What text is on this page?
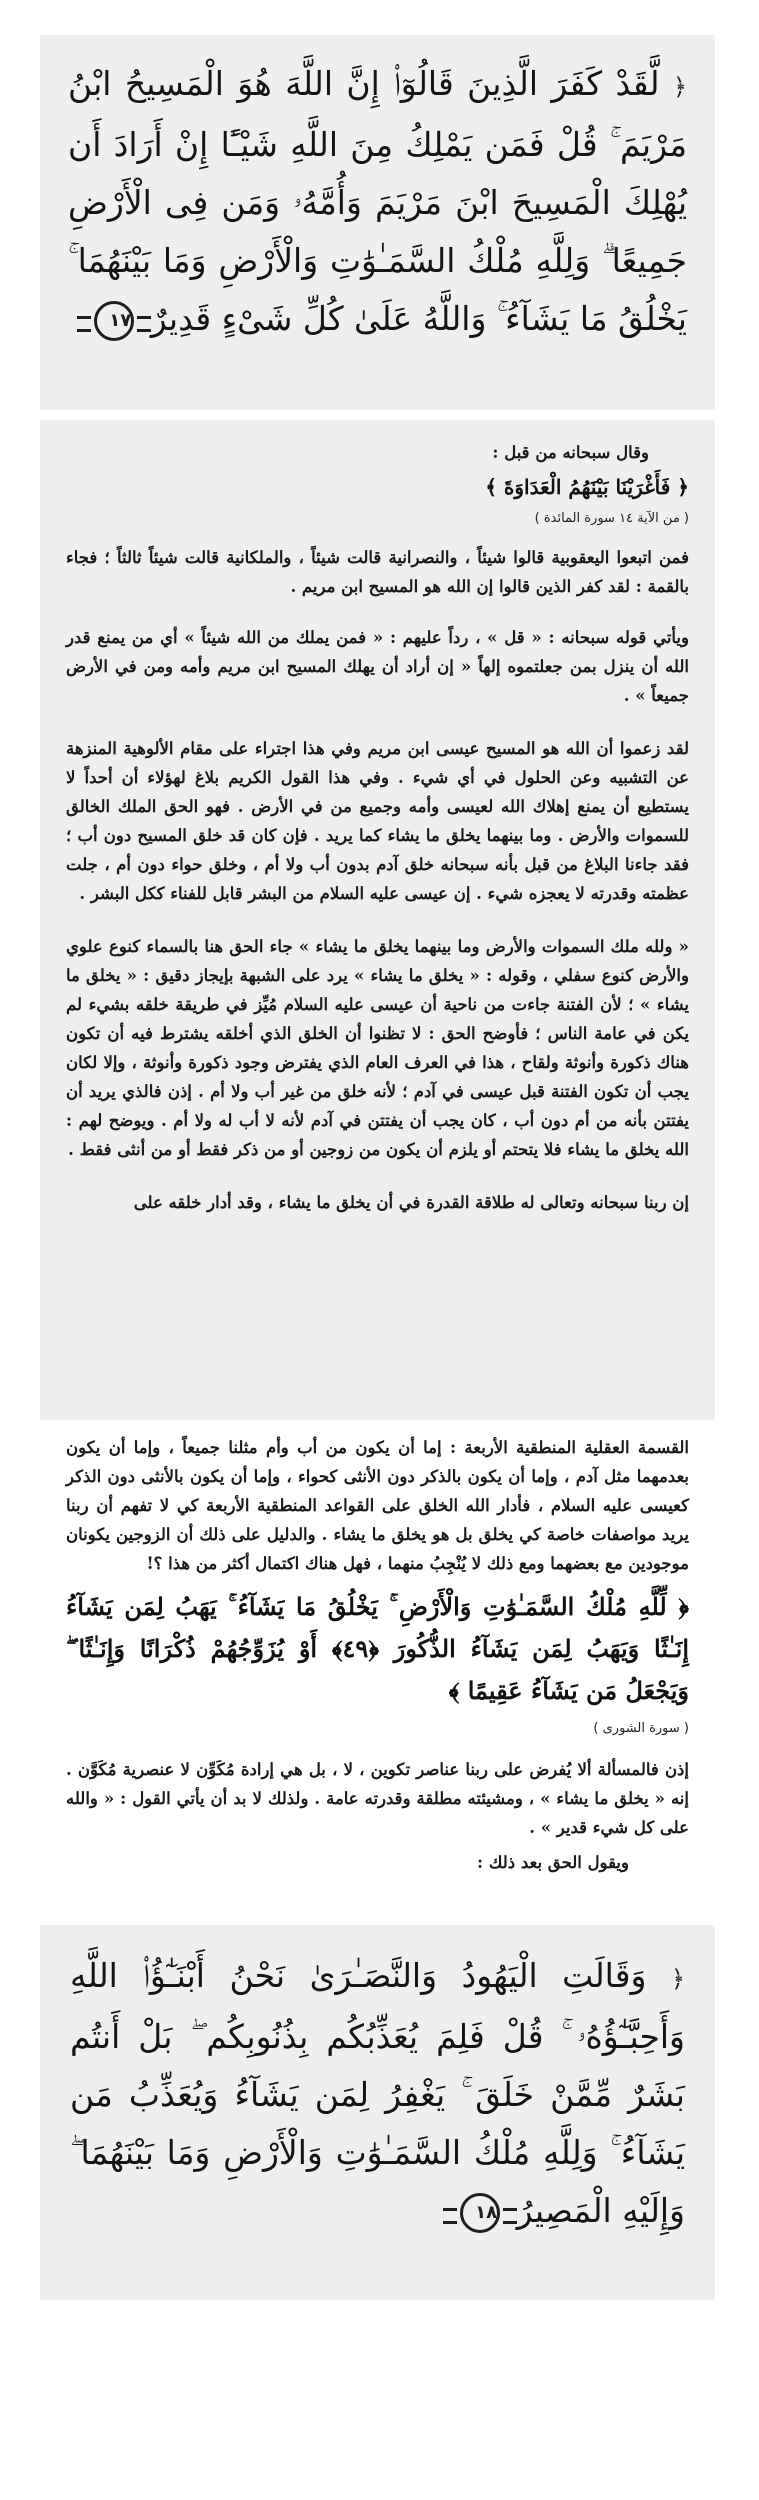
﴿ لَّقَدْ كَفَرَ الَّذِينَ قَالُوٓا۟ إِنَّ اللَّهَ هُوَ الْمَسِيحُ ابْنُ مَرْيَمَ ۚ قُلْ فَمَن يَمْلِكُ مِنَ اللَّهِ شَيْـًٔا إِنْ أَرَادَ أَن يُهْلِكَ الْمَسِيحَ ابْنَ مَرْيَمَ وَأُمَّهُۥ وَمَن فِى الْأَرْضِ جَمِيعًا ۗ وَلِلَّهِ مُلْكُ السَّمَـٰوَٰتِ وَالْأَرْضِ وَمَا بَيْنَهُمَا ۚ يَخْلُقُ مَا يَشَآءُ ۚ وَاللَّهُ عَلَىٰ كُلِّ شَىْءٍ قَدِيرٌ ١٧

وقال سبحانه من قبل :

﴿ فَأَغْرَيْنَا بَيْنَهُمُ الْعَدَاوَةَ ﴾

( من الآية ١٤ سورة المائدة )

فمن اتبعوا اليعقوبية قالوا شيئاً ، والنصرانية قالت شيئاً ، والملكانية قالت شيئاً ثالثاً ؛ فجاء بالقمة : لقد كفر الذين قالوا إن الله هو المسيح ابن مريم .

ويأتي قوله سبحانه : « قل » ، رداً عليهم : « فمن يملك من الله شيئاً » أي من يمنع قدر الله أن ينزل بمن جعلتموه إلهاً « إن أراد أن يهلك المسيح ابن مريم وأمه ومن في الأرض جميعاً » .

لقد زعموا أن الله هو المسيح عيسى ابن مريم وفي هذا اجتراء على مقام الألوهية المنزهة عن التشبيه وعن الحلول في أي شيء . وفي هذا القول الكريم بلاغ لهؤلاء أن أحداً لا يستطيع أن يمنع إهلاك الله لعيسى وأمه وجميع من في الأرض . فهو الحق الملك الخالق للسموات والأرض . وما بينهما يخلق ما يشاء كما يريد . فإن كان قد خلق المسيح دون أب ؛ فقد جاءنا البلاغ من قبل بأنه سبحانه خلق آدم بدون أب ولا أم ، وخلق حواء دون أم ، جلت عظمته وقدرته لا يعجزه شيء . إن عيسى عليه السلام من البشر قابل للفناء ككل البشر .

« ولله ملك السموات والأرض وما بينهما يخلق ما يشاء » جاء الحق هنا بالسماء كنوع علوي والأرض كنوع سفلي ، وقوله : « يخلق ما يشاء » يرد على الشبهة بإيجاز دقيق : « يخلق ما يشاء » ؛ لأن الفتنة جاءت من ناحية أن عيسى عليه السلام مُيِّز في طريقة خلقه بشيء لم يكن في عامة الناس ؛ فأوضح الحق : لا تظنوا أن الخلق الذي أخلقه يشترط فيه أن تكون هناك ذكورة وأنوثة ولقاح ، هذا في العرف العام الذي يفترض وجود ذكورة وأنوثة ، وإلا لكان يجب أن تكون الفتنة قبل عيسى في آدم ؛ لأنه خلق من غير أب ولا أم . إذن فالذي يريد أن يفتتن بأنه من أم دون أب ، كان يجب أن يفتتن في آدم لأنه لا أب له ولا أم . ويوضح لهم : الله يخلق ما يشاء فلا يتحتم أو يلزم أن يكون من زوجين أو من ذكر فقط أو من أنثى فقط .

إن ربنا سبحانه وتعالى له طلاقة القدرة في أن يخلق ما يشاء ، وقد أدار خلقه على

القسمة العقلية المنطقية الأربعة : إما أن يكون من أب وأم مثلنا جميعاً ، وإما أن يكون بعدمهما مثل آدم ، وإما أن يكون بالذكر دون الأنثى كحواء ، وإما أن يكون بالأنثى دون الذكر كعيسى عليه السلام ، فأدار الله الخلق على القواعد المنطقية الأربعة كي لا تفهم أن ربنا يريد مواصفات خاصة كي يخلق بل هو يخلق ما يشاء . والدليل على ذلك أن الزوجين يكونان موجودين مع بعضهما ومع ذلك لا يُنْجِبُ منهما ، فهل هناك اكتمال أكثر من هذا ؟!

﴿ لِّلَّهِ مُلْكُ السَّمَـٰوَٰتِ وَالْأَرْضِ ۚ يَخْلُقُ مَا يَشَآءُ ۚ يَهَبُ لِمَن يَشَآءُ إِنَـٰثًا وَيَهَبُ لِمَن يَشَآءُ الذُّكُورَ ﴿٤٩﴾ أَوْ يُزَوِّجُهُمْ ذُكْرَانًا وَإِنَـٰثًا ۖ وَيَجْعَلُ مَن يَشَآءُ عَقِيمًا ﴾

( سورة الشورى )

إذن فالمسألة ألا يُفرض على ربنا عناصر تكوين ، لا ، بل هي إرادة مُكَوِّن لا عنصرية مُكَوَّن . إنه « يخلق ما يشاء » ، ومشيئته مطلقة وقدرته عامة . ولذلك لا بد أن يأتي القول : « والله على كل شيء قدير » .

ويقول الحق بعد ذلك :

﴿ وَقَالَتِ الْيَهُودُ وَالنَّصَـٰرَىٰ نَحْنُ أَبْنَـٰٓؤُا۟ اللَّهِ وَأَحِبَّـٰٓؤُهُۥ ۚ قُلْ فَلِمَ يُعَذِّبُكُم بِذُنُوبِكُم ۖ بَلْ أَنتُم بَشَرٌ مِّمَّنْ خَلَقَ ۚ يَغْفِرُ لِمَن يَشَآءُ وَيُعَذِّبُ مَن يَشَآءُ ۚ وَلِلَّهِ مُلْكُ السَّمَـٰوَٰتِ وَالْأَرْضِ وَمَا بَيْنَهُمَا ۖ وَإِلَيْهِ الْمَصِيرُ ١٨
